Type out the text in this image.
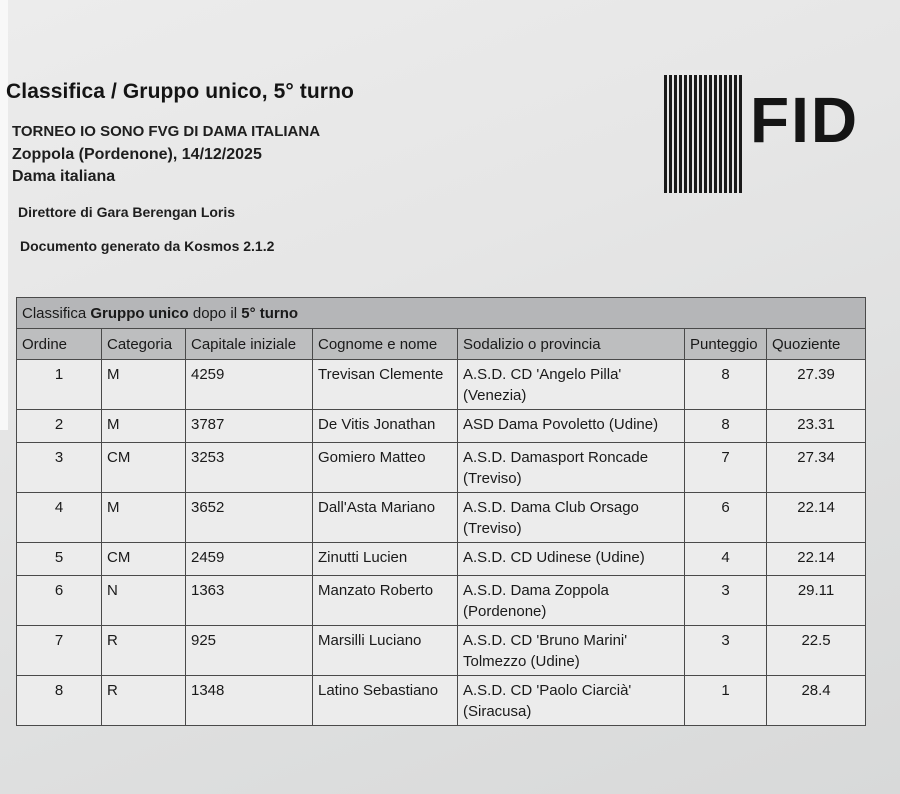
Classifica / Gruppo unico, 5° turno
TORNEO IO SONO FVG DI DAMA ITALIANA
Zoppola (Pordenone), 14/12/2025
Dama italiana
Direttore di Gara Berengan Loris
Documento generato da Kosmos 2.1.2
FID
Classifica Gruppo unico dopo il 5° turno						
Ordine	Categoria	Capitale iniziale	Cognome e nome	Sodalizio o provincia	Punteggio	Quoziente
1	M	4259	Trevisan Clemente	A.S.D. CD 'Angelo Pilla'
(Venezia)	8	27.39
2	M	3787	De Vitis Jonathan	ASD Dama Povoletto (Udine)	8	23.31
3	CM	3253	Gomiero Matteo	A.S.D. Damasport Roncade
(Treviso)	7	27.34
4	M	3652	Dall'Asta Mariano	A.S.D. Dama Club Orsago
(Treviso)	6	22.14
5	CM	2459	Zinutti Lucien	A.S.D. CD Udinese (Udine)	4	22.14
6	N	1363	Manzato Roberto	A.S.D. Dama Zoppola
(Pordenone)	3	29.11
7	R	925	Marsilli Luciano	A.S.D. CD 'Bruno Marini'
Tolmezzo (Udine)	3	22.5
8	R	1348	Latino Sebastiano	A.S.D. CD 'Paolo Ciarcià'
(Siracusa)	1	28.4
